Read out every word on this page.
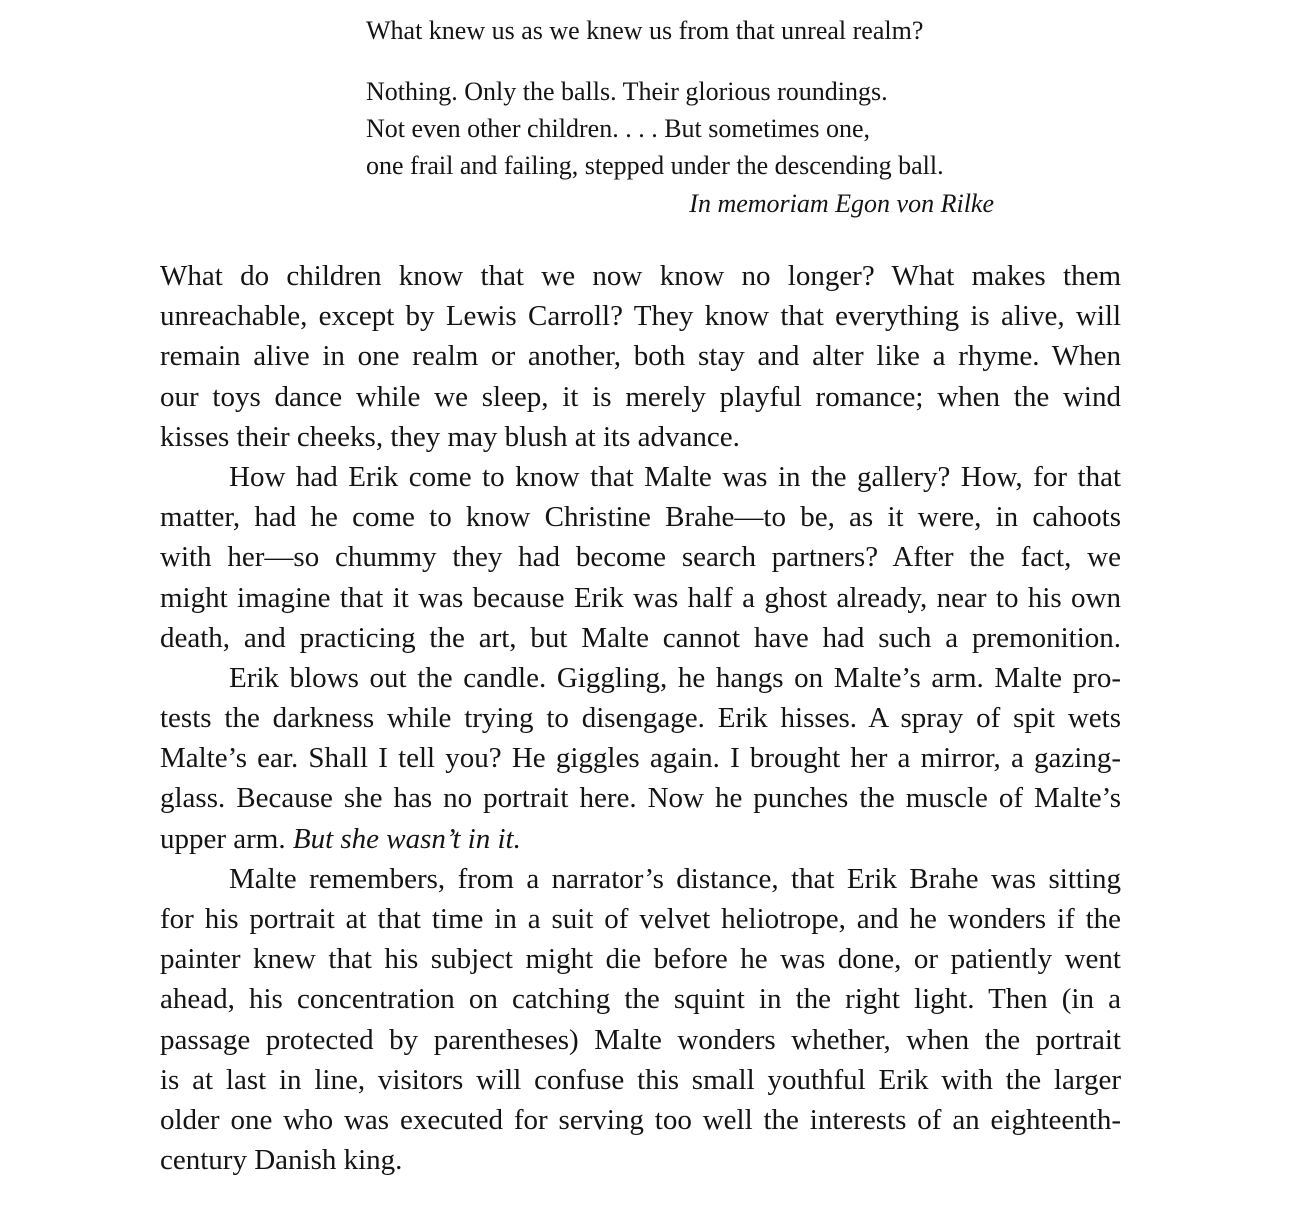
What knew us as we knew us from that unreal realm?
Nothing. Only the balls. Their glorious roundings.
Not even other children. . . . But sometimes one,
one frail and failing, stepped under the descending ball.
In memoriam Egon von Rilke
What do children know that we now know no longer? What makes them
unreachable, except by Lewis Carroll? They know that everything is alive, will
remain alive in one realm or another, both stay and alter like a rhyme. When
our toys dance while we sleep, it is merely playful romance; when the wind
kisses their cheeks, they may blush at its advance.
How had Erik come to know that Malte was in the gallery? How, for that
matter, had he come to know Christine Brahe—to be, as it were, in cahoots
with her—so chummy they had become search partners? After the fact, we
might imagine that it was because Erik was half a ghost already, near to his own
death, and practicing the art, but Malte cannot have had such a premonition.
Erik blows out the candle. Giggling, he hangs on Malte’s arm. Malte pro-
tests the darkness while trying to disengage. Erik hisses. A spray of spit wets
Malte’s ear. Shall I tell you? He giggles again. I brought her a mirror, a gazing-
glass. Because she has no portrait here. Now he punches the muscle of Malte’s
upper arm. But she wasn’t in it.
Malte remembers, from a narrator’s distance, that Erik Brahe was sitting
for his portrait at that time in a suit of velvet heliotrope, and he wonders if the
painter knew that his subject might die before he was done, or patiently went
ahead, his concentration on catching the squint in the right light. Then (in a
passage protected by parentheses) Malte wonders whether, when the portrait
is at last in line, visitors will confuse this small youthful Erik with the larger
older one who was executed for serving too well the interests of an eighteenth-
century Danish king.
